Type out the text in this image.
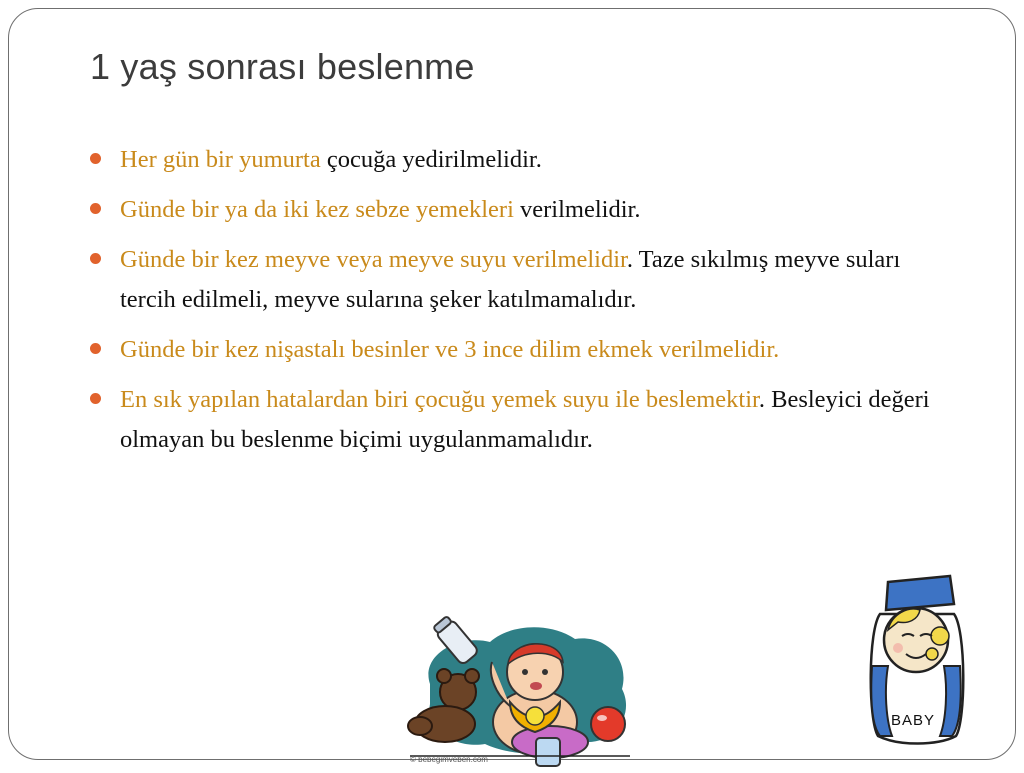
1 yaş sonrası beslenme
Her gün bir yumurta çocuğa yedirilmelidir.
Günde bir ya da iki kez sebze yemekleri verilmelidir.
Günde bir kez meyve veya meyve suyu verilmelidir. Taze sıkılmış meyve suları tercih edilmeli, meyve sularına şeker katılmamalıdır.
Günde bir kez nişastalı besinler ve 3 ince dilim ekmek verilmelidir.
En sık yapılan hatalardan biri çocuğu yemek suyu ile beslemektir. Besleyici değeri olmayan bu beslenme biçimi uygulanmamalıdır.
© bebegimveben.com
BABY
